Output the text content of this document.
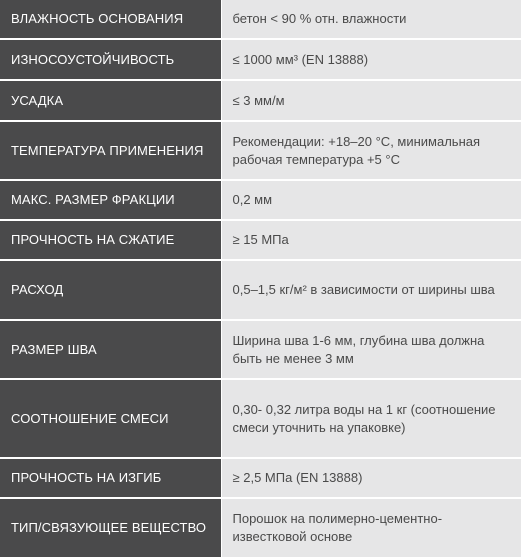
ВЛАЖНОСТЬ ОСНОВАНИЯ	бетон < 90 % отн. влажности
ИЗНОСОУСТОЙЧИВОСТЬ	≤ 1000 мм³ (EN 13888)
УСАДКА	≤ 3 мм/м
ТЕМПЕРАТУРА ПРИМЕНЕНИЯ	Рекомендации: +18–20 °С, минимальная рабочая температура +5 °С
МАКС. РАЗМЕР ФРАКЦИИ	0,2 мм
ПРОЧНОСТЬ НА СЖАТИЕ	≥ 15 МПа
РАСХОД	0,5–1,5 кг/м² в зависимости от ширины шва
РАЗМЕР ШВА	Ширина шва 1-6 мм, глубина шва должна быть не менее 3 мм
СООТНОШЕНИЕ СМЕСИ	0,30- 0,32 литра воды на 1 кг (соотношение смеси уточнить на упаковке)
ПРОЧНОСТЬ НА ИЗГИБ	≥ 2,5 МПа (EN 13888)
ТИП/СВЯЗУЮЩЕЕ ВЕЩЕСТВО	Порошок на полимерно-цементно-известковой основе
